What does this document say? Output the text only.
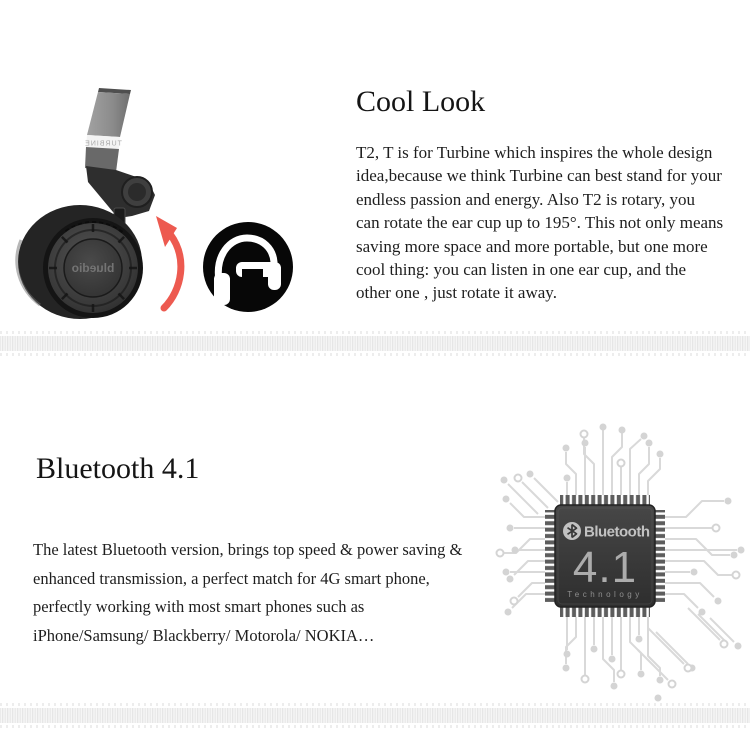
TURBINE
bluedio
Cool Look
T2, T is for Turbine which inspires the whole design
idea,because we think Turbine can best stand for your
endless passion and energy. Also T2 is rotary, you
can rotate the ear cup up to 195°. This not only means
saving more space and more portable, but one more
cool thing: you can listen in one ear cup, and the
other one , just rotate it away.
Bluetooth 4.1
The latest Bluetooth version, brings top speed & power saving &
enhanced transmission, a perfect match for 4G smart phone,
perfectly working with most smart phones such as
iPhone/Samsung/ Blackberry/ Motorola/ NOKIA…
Bluetooth
4.1
Technology
